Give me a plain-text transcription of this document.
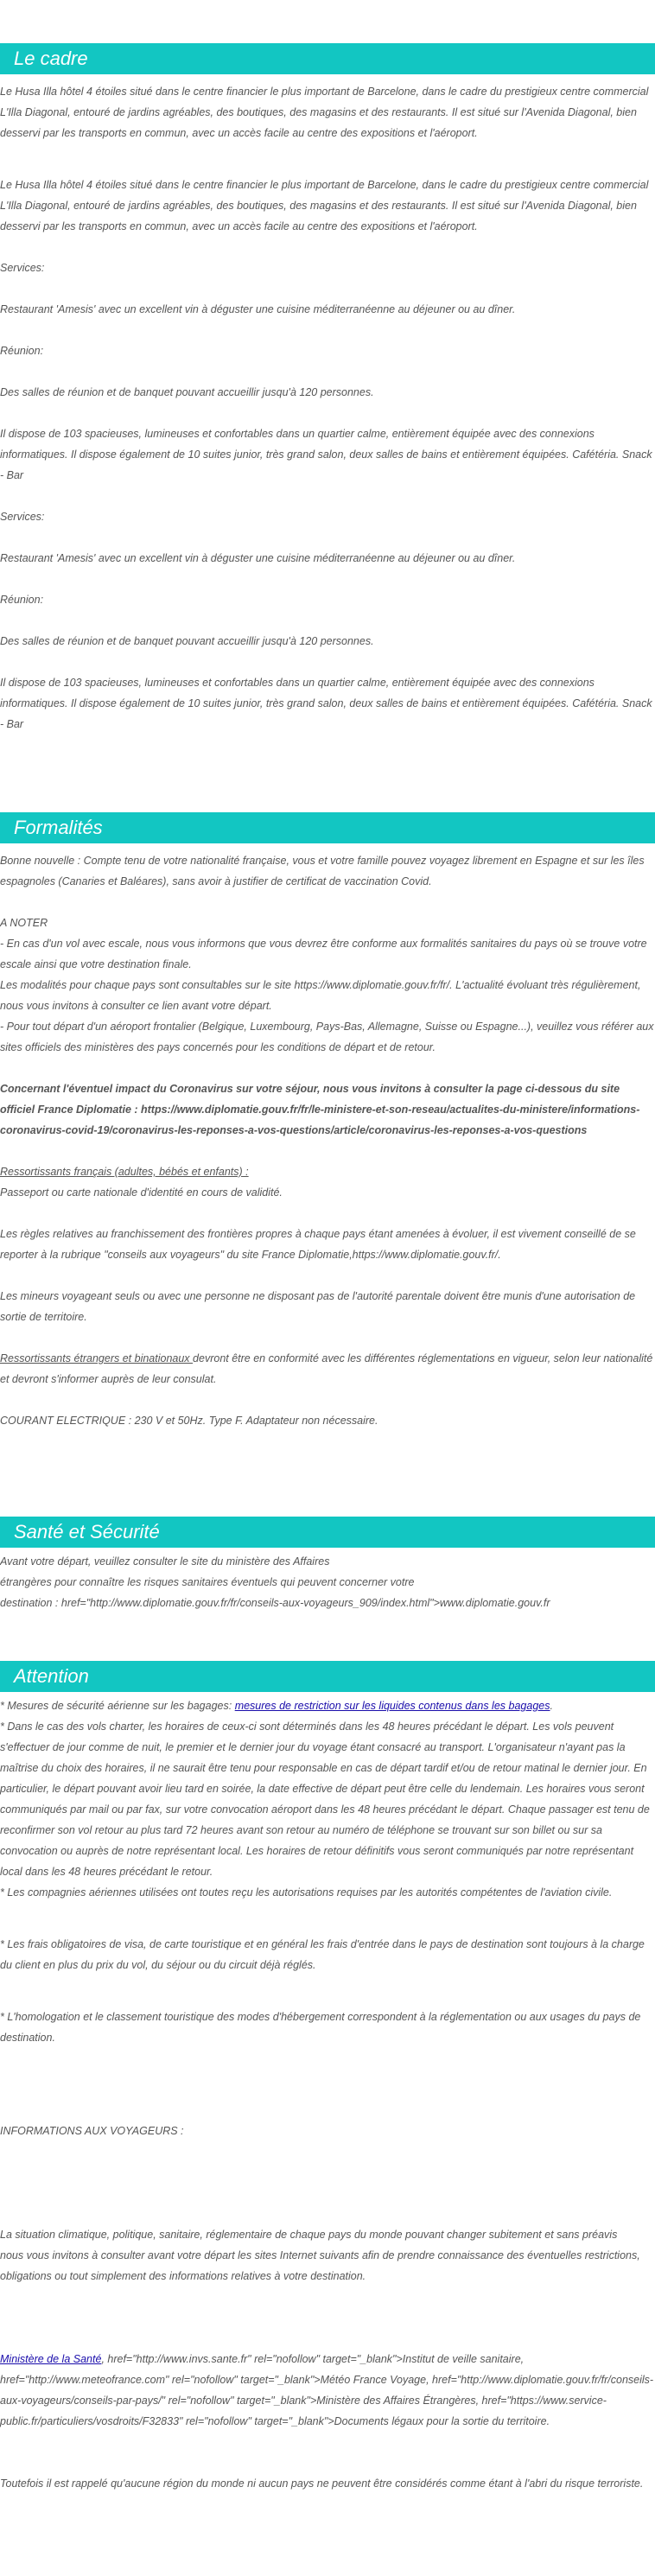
Le cadre

Le Husa Illa hôtel 4 étoiles situé dans le centre financier le plus important de Barcelone, dans le cadre du prestigieux centre commercial L'Illa Diagonal, entouré de jardins agréables, des boutiques, des magasins et des restaurants. Il est situé sur l'Avenida Diagonal, bien desservi par les transports en commun, avec un accès facile au centre des expositions et l'aéroport.

Le Husa Illa hôtel 4 étoiles situé dans le centre financier le plus important de Barcelone, dans le cadre du prestigieux centre commercial L'Illa Diagonal, entouré de jardins agréables, des boutiques, des magasins et des restaurants. Il est situé sur l'Avenida Diagonal, bien desservi par les transports en commun, avec un accès facile au centre des expositions et l'aéroport.

Services:

Restaurant 'Amesis' avec un excellent vin à déguster une cuisine méditerranéenne au déjeuner ou au dîner.

Réunion:

Des salles de réunion et de banquet pouvant accueillir jusqu'à 120 personnes.

Il dispose de 103 spacieuses, lumineuses et confortables dans un quartier calme, entièrement équipée avec des connexions informatiques. Il dispose également de 10 suites junior, très grand salon, deux salles de bains et entièrement équipées. Cafétéria. Snack - Bar

Services:

Restaurant 'Amesis' avec un excellent vin à déguster une cuisine méditerranéenne au déjeuner ou au dîner.

Réunion:

Des salles de réunion et de banquet pouvant accueillir jusqu'à 120 personnes.

Il dispose de 103 spacieuses, lumineuses et confortables dans un quartier calme, entièrement équipée avec des connexions informatiques. Il dispose également de 10 suites junior, très grand salon, deux salles de bains et entièrement équipées. Cafétéria. Snack - Bar

Formalités

Bonne nouvelle : Compte tenu de votre nationalité française, vous et votre famille pouvez voyagez librement en Espagne et sur les îles espagnoles (Canaries et Baléares), sans avoir à justifier de certificat de vaccination Covid.

A NOTER

- En cas d'un vol avec escale, nous vous informons que vous devrez être conforme aux formalités sanitaires du pays où se trouve votre escale ainsi que votre destination finale.

Les modalités pour chaque pays sont consultables sur le site https://www.diplomatie.gouv.fr/fr/. L'actualité évoluant très régulièrement, nous vous invitons à consulter ce lien avant votre départ.

- Pour tout départ d'un aéroport frontalier (Belgique, Luxembourg, Pays-Bas, Allemagne, Suisse ou Espagne...), veuillez vous référer aux sites officiels des ministères des pays concernés pour les conditions de départ et de retour.

Concernant l'éventuel impact du Coronavirus sur votre séjour, nous vous invitons à consulter la page ci-dessous du site officiel France Diplomatie : https://www.diplomatie.gouv.fr/fr/le-ministere-et-son-reseau/actualites-du-ministere/informations-coronavirus-covid-19/coronavirus-les-reponses-a-vos-questions/article/coronavirus-les-reponses-a-vos-questions

Ressortissants français (adultes, bébés et enfants) :

Passeport ou carte nationale d'identité en cours de validité.

Les règles relatives au franchissement des frontières propres à chaque pays étant amenées à évoluer, il est vivement conseillé de se reporter à la rubrique "conseils aux voyageurs" du site France Diplomatie,https://www.diplomatie.gouv.fr/.

Les mineurs voyageant seuls ou avec une personne ne disposant pas de l'autorité parentale doivent être munis d'une autorisation de sortie de territoire.

Ressortissants étrangers et binationaux devront être en conformité avec les différentes réglementations en vigueur, selon leur nationalité et devront s'informer auprès de leur consulat.

COURANT ELECTRIQUE : 230 V et 50Hz. Type F. Adaptateur non nécessaire.

Santé et Sécurité

Avant votre départ, veuillez consulter le site du ministère des Affaires

étrangères pour connaître les risques sanitaires éventuels qui peuvent concerner votre

destination : href="http://www.diplomatie.gouv.fr/fr/conseils-aux-voyageurs_909/index.html">www.diplomatie.gouv.fr

Attention

* Mesures de sécurité aérienne sur les bagages: mesures de restriction sur les liquides contenus dans les bagages.

* Dans le cas des vols charter, les horaires de ceux-ci sont déterminés dans les 48 heures précédant le départ. Les vols peuvent s'effectuer de jour comme de nuit, le premier et le dernier jour du voyage étant consacré au transport. L'organisateur n'ayant pas la maîtrise du choix des horaires, il ne saurait être tenu pour responsable en cas de départ tardif et/ou de retour matinal le dernier jour. En particulier, le départ pouvant avoir lieu tard en soirée, la date effective de départ peut être celle du lendemain. Les horaires vous seront communiqués par mail ou par fax, sur votre convocation aéroport dans les 48 heures précédant le départ. Chaque passager est tenu de reconfirmer son vol retour au plus tard 72 heures avant son retour au numéro de téléphone se trouvant sur son billet ou sur sa convocation ou auprès de notre représentant local. Les horaires de retour définitifs vous seront communiqués par notre représentant local dans les 48 heures précédant le retour.

* Les compagnies aériennes utilisées ont toutes reçu les autorisations requises par les autorités compétentes de l'aviation civile.

* Les frais obligatoires de visa, de carte touristique et en général les frais d'entrée dans le pays de destination sont toujours à la charge du client en plus du prix du vol, du séjour ou du circuit déjà réglés.

* L'homologation et le classement touristique des modes d'hébergement correspondent à la réglementation ou aux usages du pays de destination.

INFORMATIONS AUX VOYAGEURS :

La situation climatique, politique, sanitaire, réglementaire de chaque pays du monde pouvant changer subitement et sans préavis

nous vous invitons à consulter avant votre départ les sites Internet suivants afin de prendre connaissance des éventuelles restrictions, obligations ou tout simplement des informations relatives à votre destination.

Ministère de la Santé, href="http://www.invs.sante.fr" rel="nofollow" target="_blank">Institut de veille sanitaire, href="http://www.meteofrance.com" rel="nofollow" target="_blank">Météo France Voyage, href="http://www.diplomatie.gouv.fr/fr/conseils-aux-voyageurs/conseils-par-pays/" rel="nofollow" target="_blank">Ministère des Affaires Étrangères, href="https://www.service-public.fr/particuliers/vosdroits/F32833" rel="nofollow" target="_blank">Documents légaux pour la sortie du territoire.

Toutefois il est rappelé qu'aucune région du monde ni aucun pays ne peuvent être considérés comme étant à l'abri du risque terroriste.
